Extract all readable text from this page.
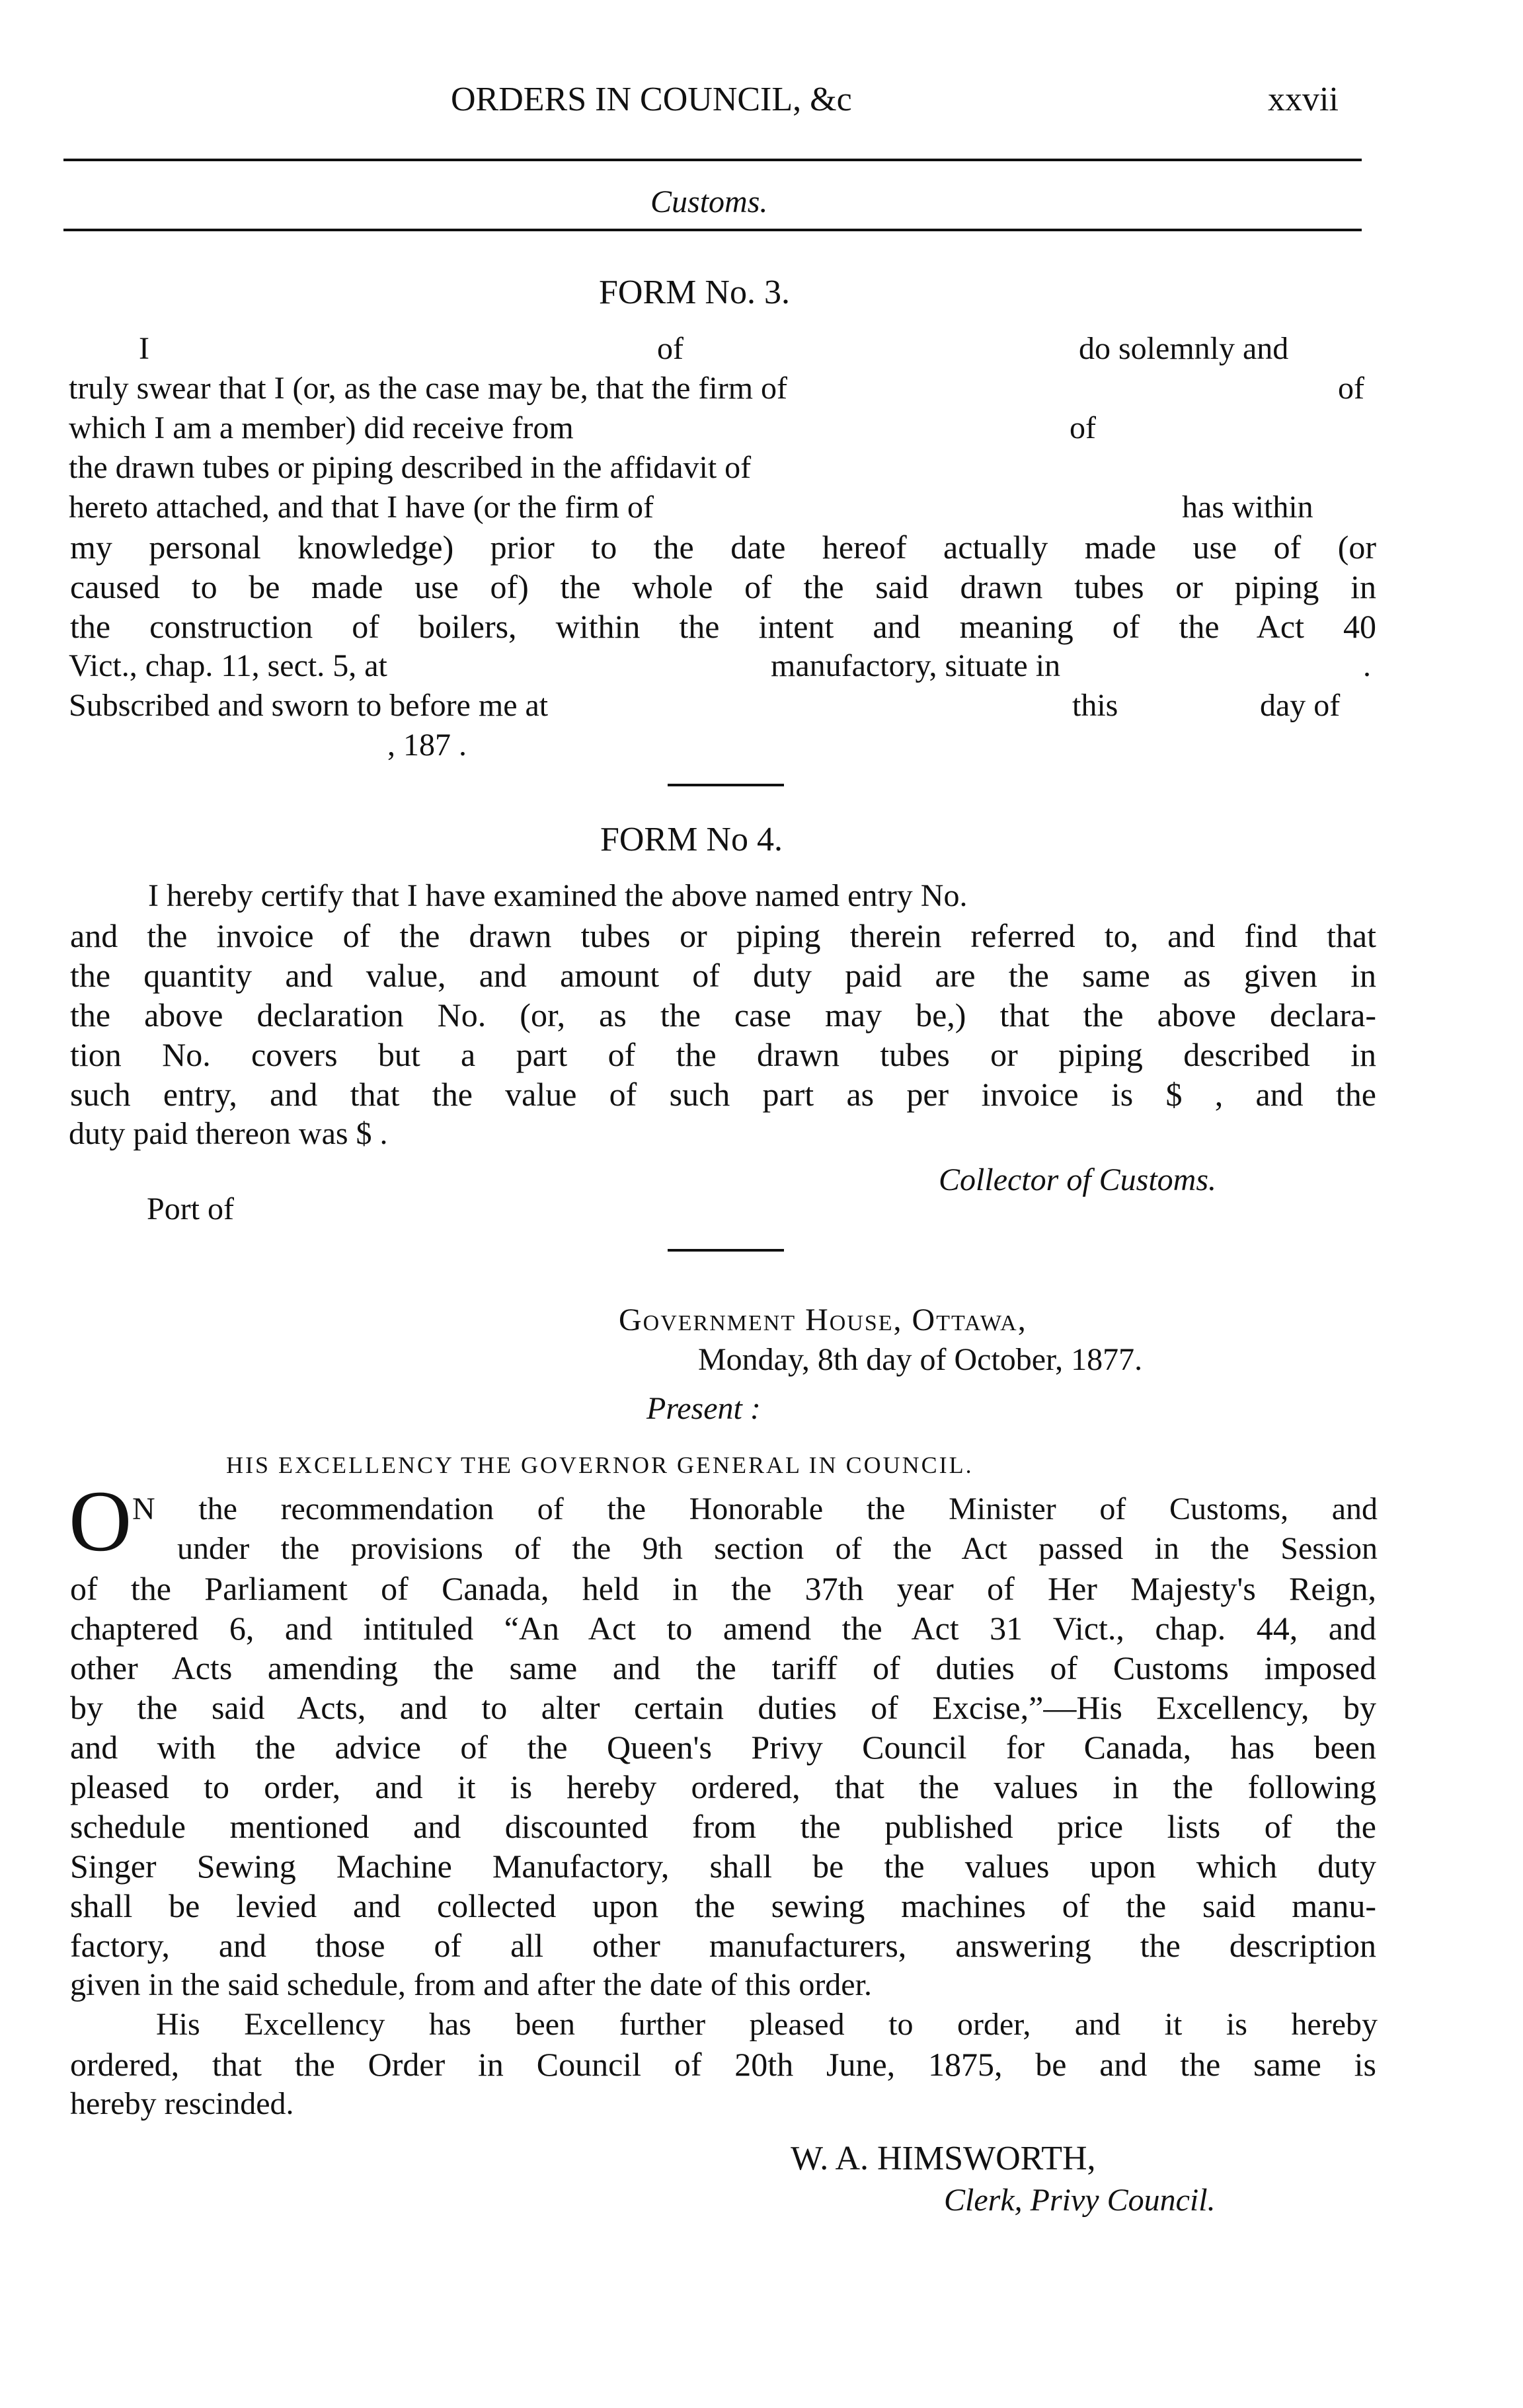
ORDERS IN COUNCIL, &c	xxvii
Customs.
FORM No. 3.
I	of	do solemnly and
truly swear that I (or, as the case may be, that the firm of	of
which I am a member) did receive from	of
the drawn tubes or piping described in the affidavit of
hereto attached, and that I have (or the firm of	has within
my personal knowledge) prior to the date hereof actually made use of (or
caused to be made use of) the whole of the said drawn tubes or piping in
the construction of boilers, within the intent and meaning of the Act 40
Vict., chap. 11, sect. 5, at	manufactory, situate in	.
Subscribed and sworn to before me at	this	day of
, 187 .
FORM No 4.
I hereby certify that I have examined the above named entry No.
and the invoice of the drawn tubes or piping therein referred to, and find that
the quantity and value, and amount of duty paid are the same as given in
the above declaration No. (or, as the case may be,) that the above declara-
tion No. covers but a part of the drawn tubes or piping described in
such entry, and that the value of such part as per invoice is $ , and the
duty paid thereon was $ .
Collector of Customs.
Port of
Government House, Ottawa,
Monday, 8th day of October, 1877.
Present :
HIS EXCELLENCY THE GOVERNOR GENERAL IN COUNCIL.
O N the recommendation of the Honorable the Minister of Customs, and
under the provisions of the 9th section of the Act passed in the Session
of the Parliament of Canada, held in the 37th year of Her Majesty's Reign,
chaptered 6, and intituled “An Act to amend the Act 31 Vict., chap. 44, and
other Acts amending the same and the tariff of duties of Customs imposed
by the said Acts, and to alter certain duties of Excise,”—His Excellency, by
and with the advice of the Queen's Privy Council for Canada, has been
pleased to order, and it is hereby ordered, that the values in the following
schedule mentioned and discounted from the published price lists of the
Singer Sewing Machine Manufactory, shall be the values upon which duty
shall be levied and collected upon the sewing machines of the said manu-
factory, and those of all other manufacturers, answering the description
given in the said schedule, from and after the date of this order.
His Excellency has been further pleased to order, and it is hereby
ordered, that the Order in Council of 20th June, 1875, be and the same is
hereby rescinded.
W. A. HIMSWORTH,
Clerk, Privy Council.
